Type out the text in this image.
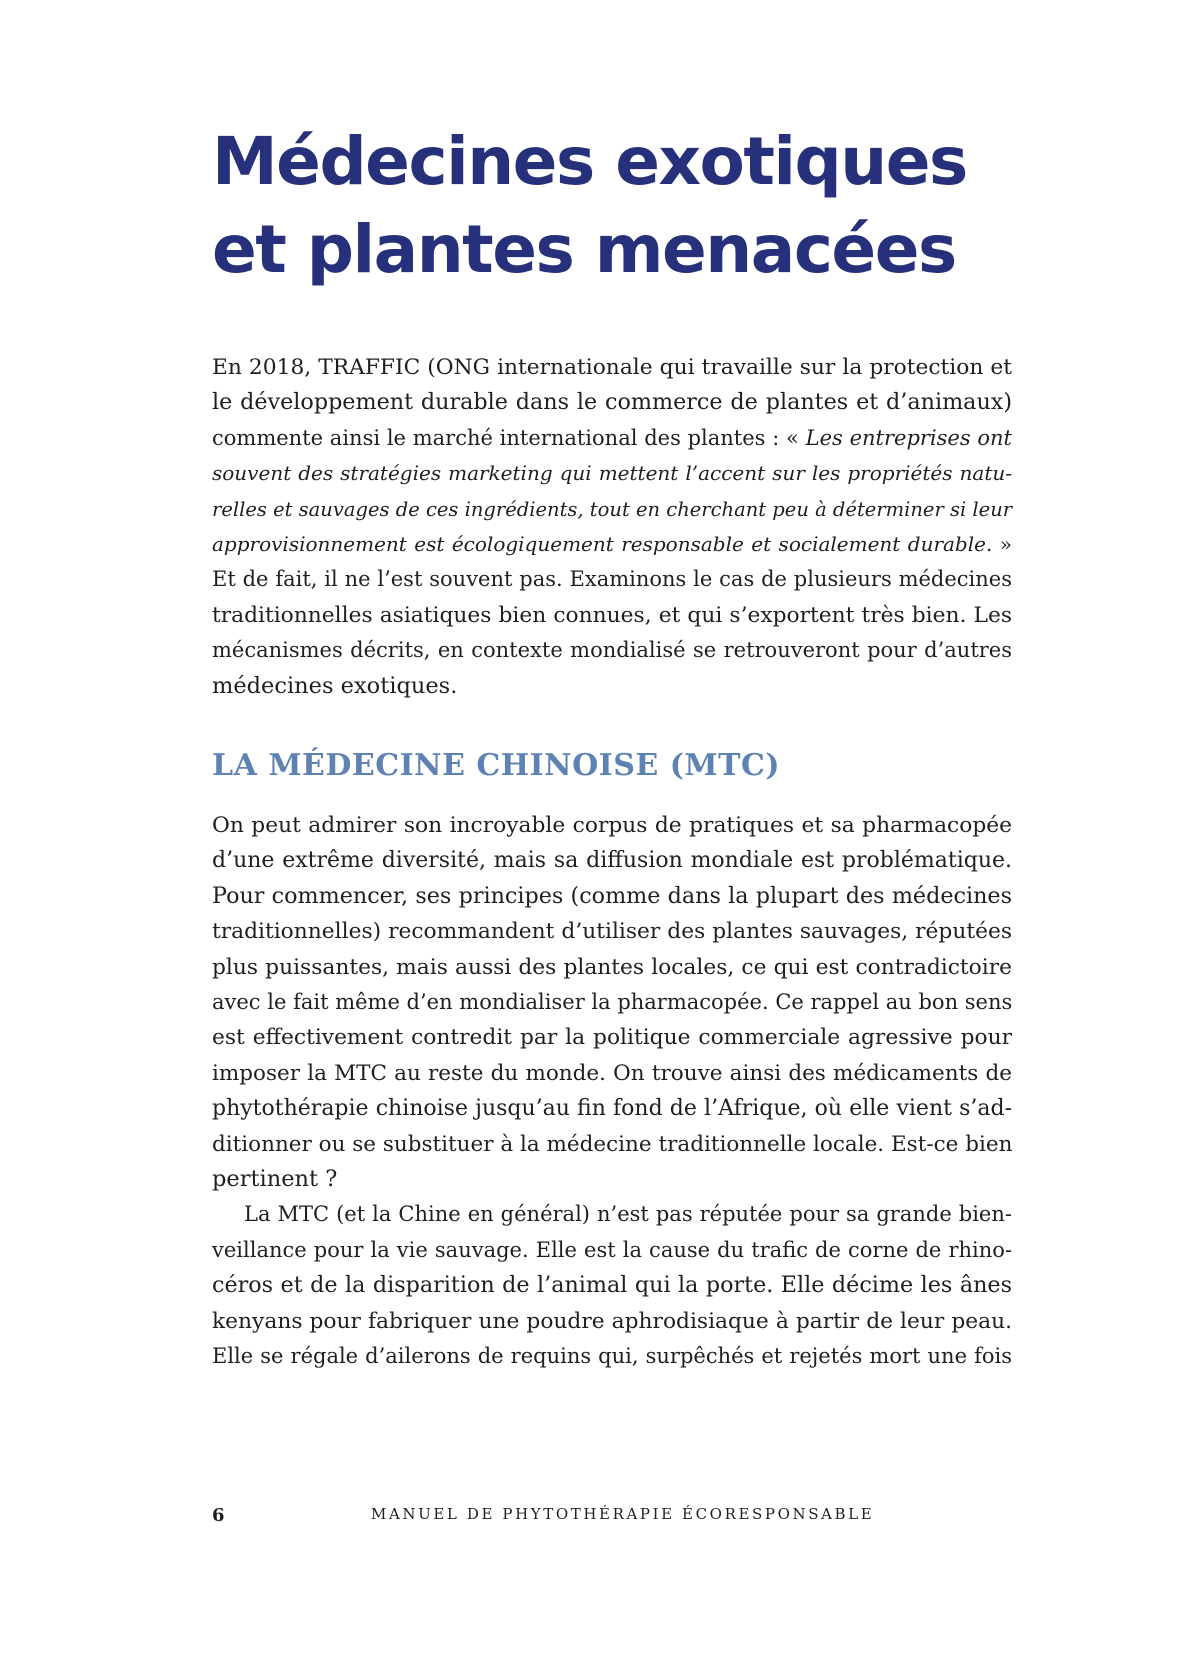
Médecines exotiques
et plantes menacées
En 2018, TRAFFIC (ONG internationale qui travaille sur la protection et
le développement durable dans le commerce de plantes et d’animaux)
commente ainsi le marché international des plantes : « Les entreprises ont
souvent des stratégies marketing qui mettent l’accent sur les propriétés natu-
relles et sauvages de ces ingrédients, tout en cherchant peu à déterminer si leur
approvisionnement est écologiquement responsable et socialement durable. »
Et de fait, il ne l’est souvent pas. Examinons le cas de plusieurs médecines
traditionnelles asiatiques bien connues, et qui s’exportent très bien. Les
mécanismes décrits, en contexte mondialisé se retrouveront pour d’autres
médecines exotiques.
LA MÉDECINE CHINOISE (MTC)
On peut admirer son incroyable corpus de pratiques et sa pharmacopée
d’une extrême diversité, mais sa diffusion mondiale est problématique.
Pour commencer, ses principes (comme dans la plupart des médecines
traditionnelles) recommandent d’utiliser des plantes sauvages, réputées
plus puissantes, mais aussi des plantes locales, ce qui est contradictoire
avec le fait même d’en mondialiser la pharmacopée. Ce rappel au bon sens
est effectivement contredit par la politique commerciale agressive pour
imposer la MTC au reste du monde. On trouve ainsi des médicaments de
phytothérapie chinoise jusqu’au fin fond de l’Afrique, où elle vient s’ad-
ditionner ou se substituer à la médecine traditionnelle locale. Est-ce bien
pertinent ?
La MTC (et la Chine en général) n’est pas réputée pour sa grande bien-
veillance pour la vie sauvage. Elle est la cause du trafic de corne de rhino-
céros et de la disparition de l’animal qui la porte. Elle décime les ânes
kenyans pour fabriquer une poudre aphrodisiaque à partir de leur peau.
Elle se régale d’ailerons de requins qui, surpêchés et rejetés mort une fois
6	MANUEL DE PHYTOTHÉRAPIE ÉCORESPONSABLE
